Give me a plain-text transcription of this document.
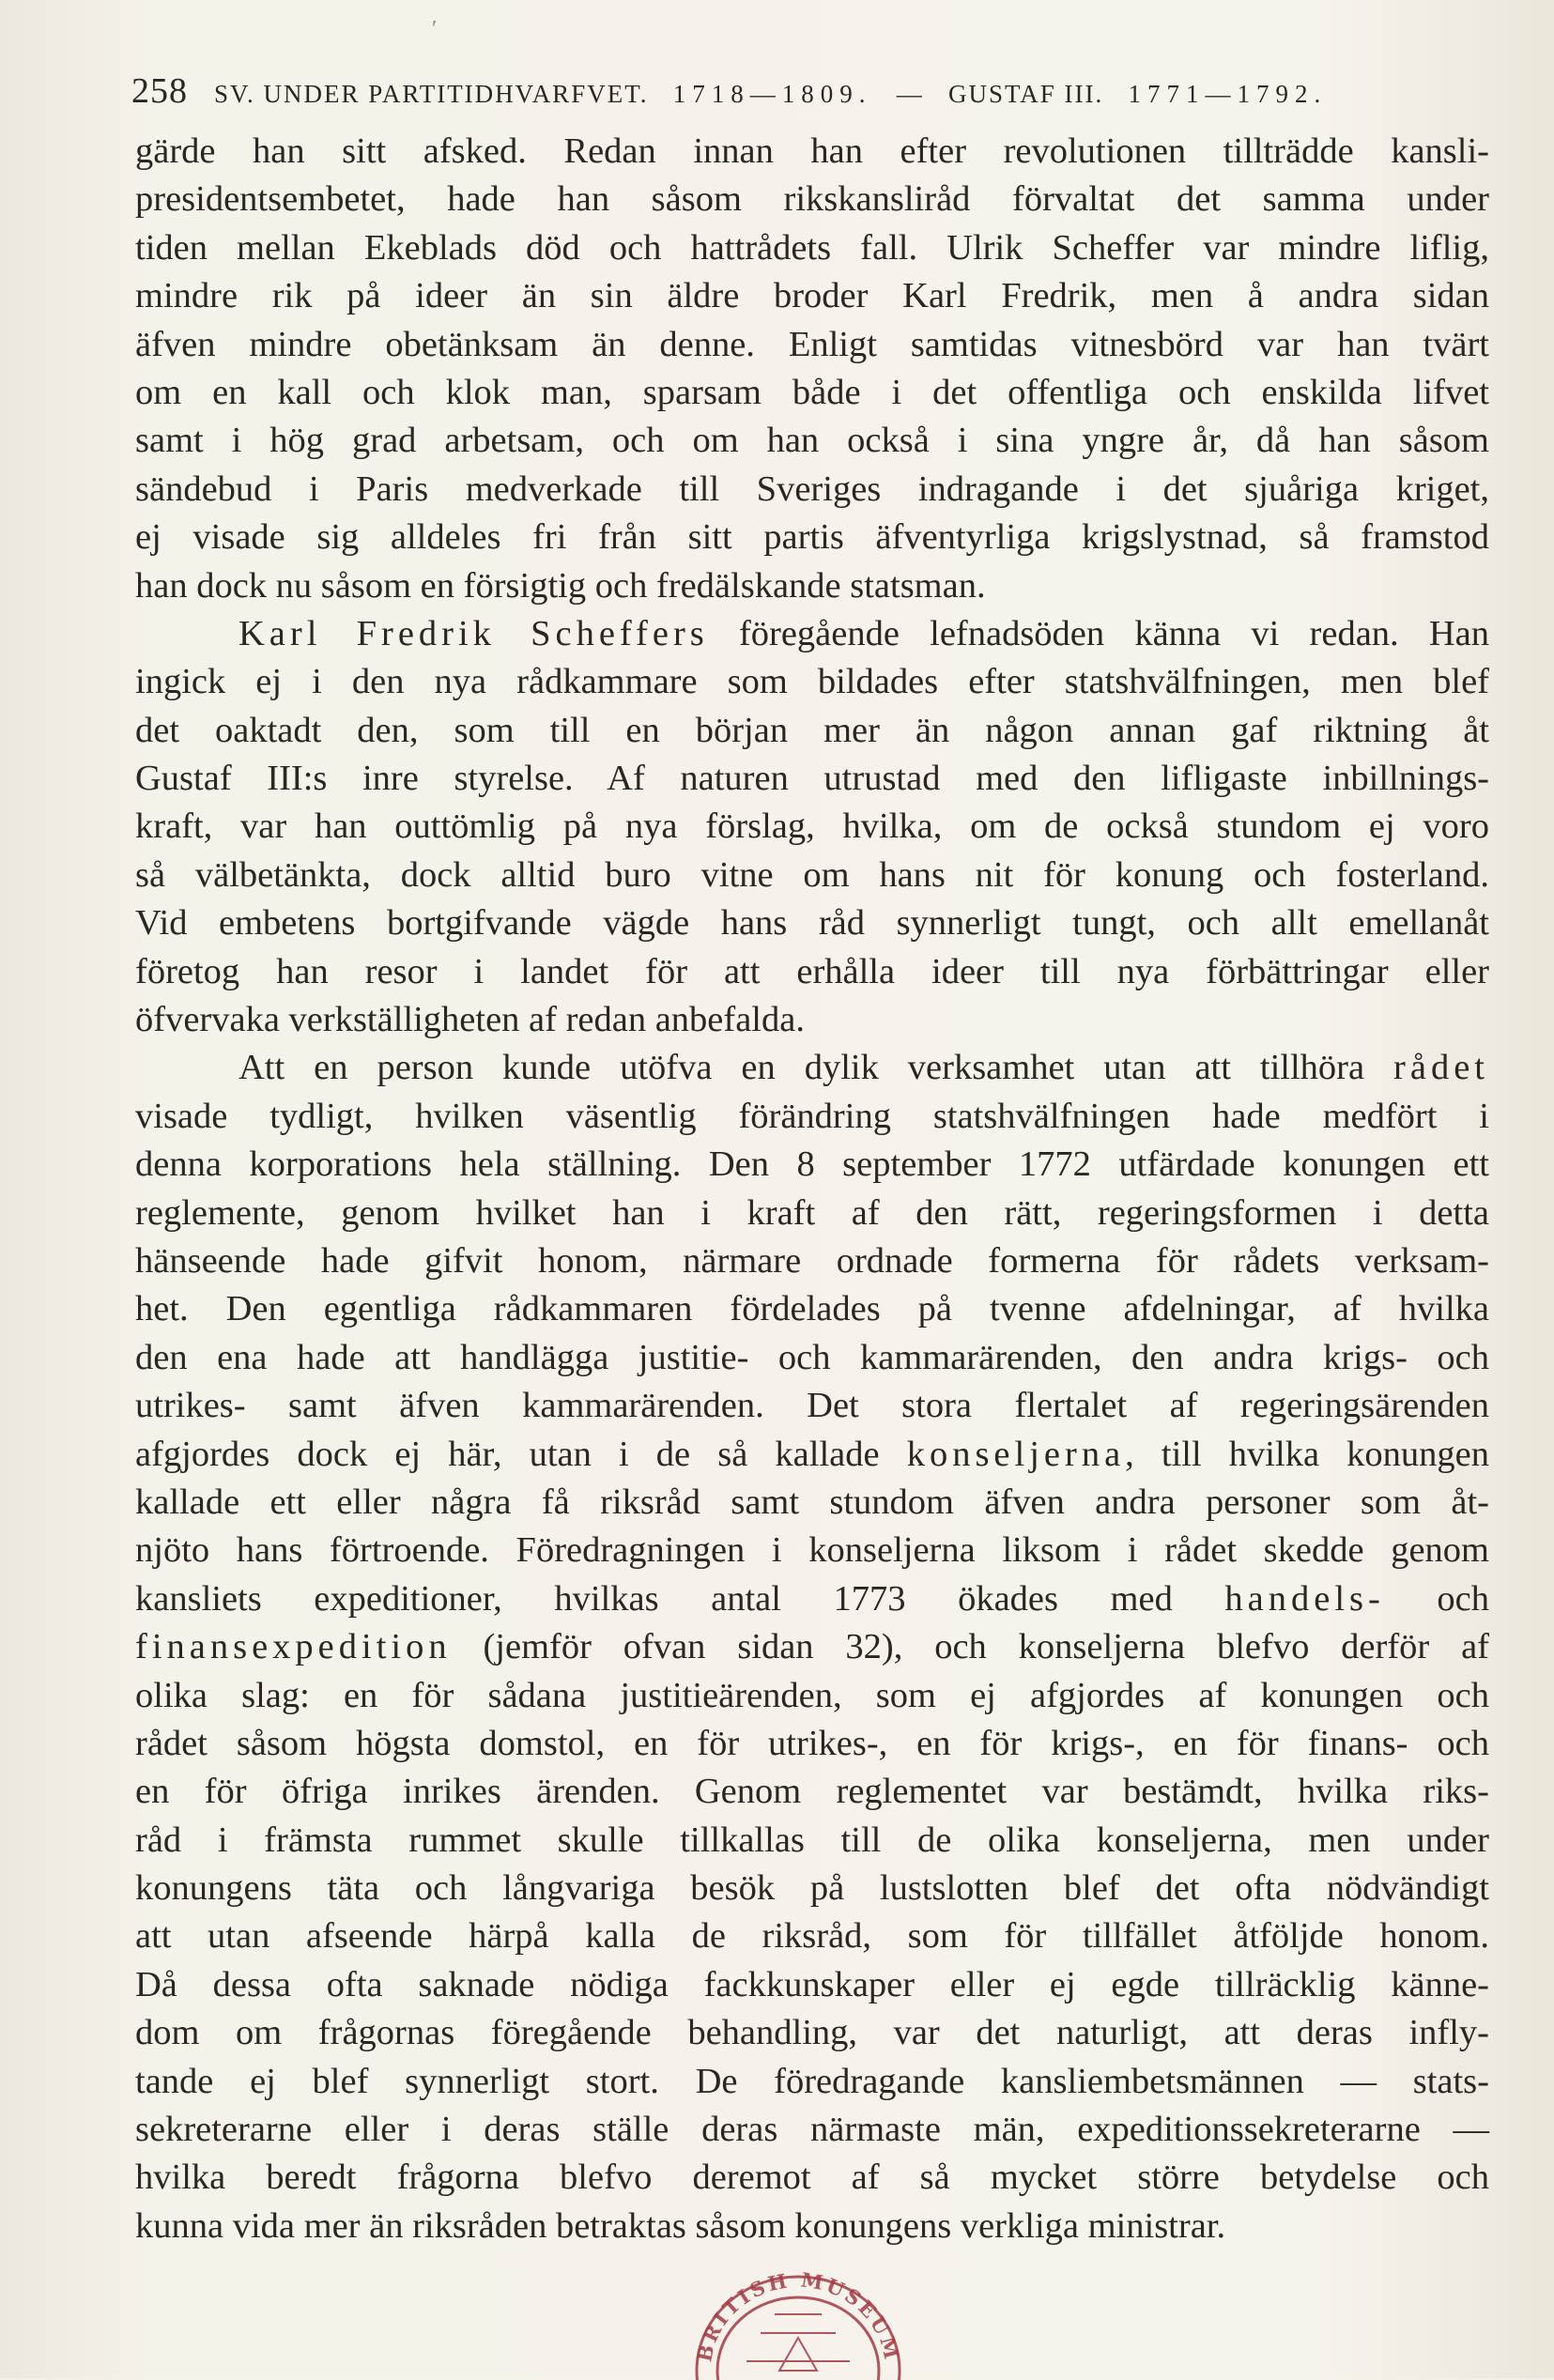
′
258 SV. UNDER PARTITIDHVARFVET. 1718—1809. — GUSTAF III. 1771—1792.
gärde han sitt afsked. Redan innan han efter revolutionen tillträdde kansli-
presidentsembetet, hade han såsom rikskansliråd förvaltat det samma under
tiden mellan Ekeblads död och hattrådets fall. Ulrik Scheffer var mindre liflig,
mindre rik på ideer än sin äldre broder Karl Fredrik, men å andra sidan
äfven mindre obetänksam än denne. Enligt samtidas vitnesbörd var han tvärt
om en kall och klok man, sparsam både i det offentliga och enskilda lifvet
samt i hög grad arbetsam, och om han också i sina yngre år, då han såsom
sändebud i Paris medverkade till Sveriges indragande i det sjuåriga kriget,
ej visade sig alldeles fri från sitt partis äfventyrliga krigslystnad, så framstod
han dock nu såsom en försigtig och fredälskande statsman.
Karl Fredrik Scheffers föregående lefnadsöden känna vi redan. Han
ingick ej i den nya rådkammare som bildades efter statshvälfningen, men blef
det oaktadt den, som till en början mer än någon annan gaf riktning åt
Gustaf III:s inre styrelse. Af naturen utrustad med den lifligaste inbillnings-
kraft, var han outtömlig på nya förslag, hvilka, om de också stundom ej voro
så välbetänkta, dock alltid buro vitne om hans nit för konung och fosterland.
Vid embetens bortgifvande vägde hans råd synnerligt tungt, och allt emellanåt
företog han resor i landet för att erhålla ideer till nya förbättringar eller
öfvervaka verkställigheten af redan anbefalda.
Att en person kunde utöfva en dylik verksamhet utan att tillhöra rådet
visade tydligt, hvilken väsentlig förändring statshvälfningen hade medfört i
denna korporations hela ställning. Den 8 september 1772 utfärdade konungen ett
reglemente, genom hvilket han i kraft af den rätt, regeringsformen i detta
hänseende hade gifvit honom, närmare ordnade formerna för rådets verksam-
het. Den egentliga rådkammaren fördelades på tvenne afdelningar, af hvilka
den ena hade att handlägga justitie- och kammarärenden, den andra krigs- och
utrikes- samt äfven kammarärenden. Det stora flertalet af regeringsärenden
afgjordes dock ej här, utan i de så kallade konseljerna, till hvilka konungen
kallade ett eller några få riksråd samt stundom äfven andra personer som åt-
njöto hans förtroende. Föredragningen i konseljerna liksom i rådet skedde genom
kansliets expeditioner, hvilkas antal 1773 ökades med handels- och
finansexpedition (jemför ofvan sidan 32), och konseljerna blefvo derför af
olika slag: en för sådana justitieärenden, som ej afgjordes af konungen och
rådet såsom högsta domstol, en för utrikes-, en för krigs-, en för finans- och
en för öfriga inrikes ärenden. Genom reglementet var bestämdt, hvilka riks-
råd i främsta rummet skulle tillkallas till de olika konseljerna, men under
konungens täta och långvariga besök på lustslotten blef det ofta nödvändigt
att utan afseende härpå kalla de riksråd, som för tillfället åtföljde honom.
Då dessa ofta saknade nödiga fackkunskaper eller ej egde tillräcklig känne-
dom om frågornas föregående behandling, var det naturligt, att deras infly-
tande ej blef synnerligt stort. De föredragande kansliembetsmännen — stats-
sekreterarne eller i deras ställe deras närmaste män, expeditionssekreterarne —
hvilka beredt frågorna blefvo deremot af så mycket större betydelse och
kunna vida mer än riksråden betraktas såsom konungens verkliga ministrar.
BRITISH MUSEUM
